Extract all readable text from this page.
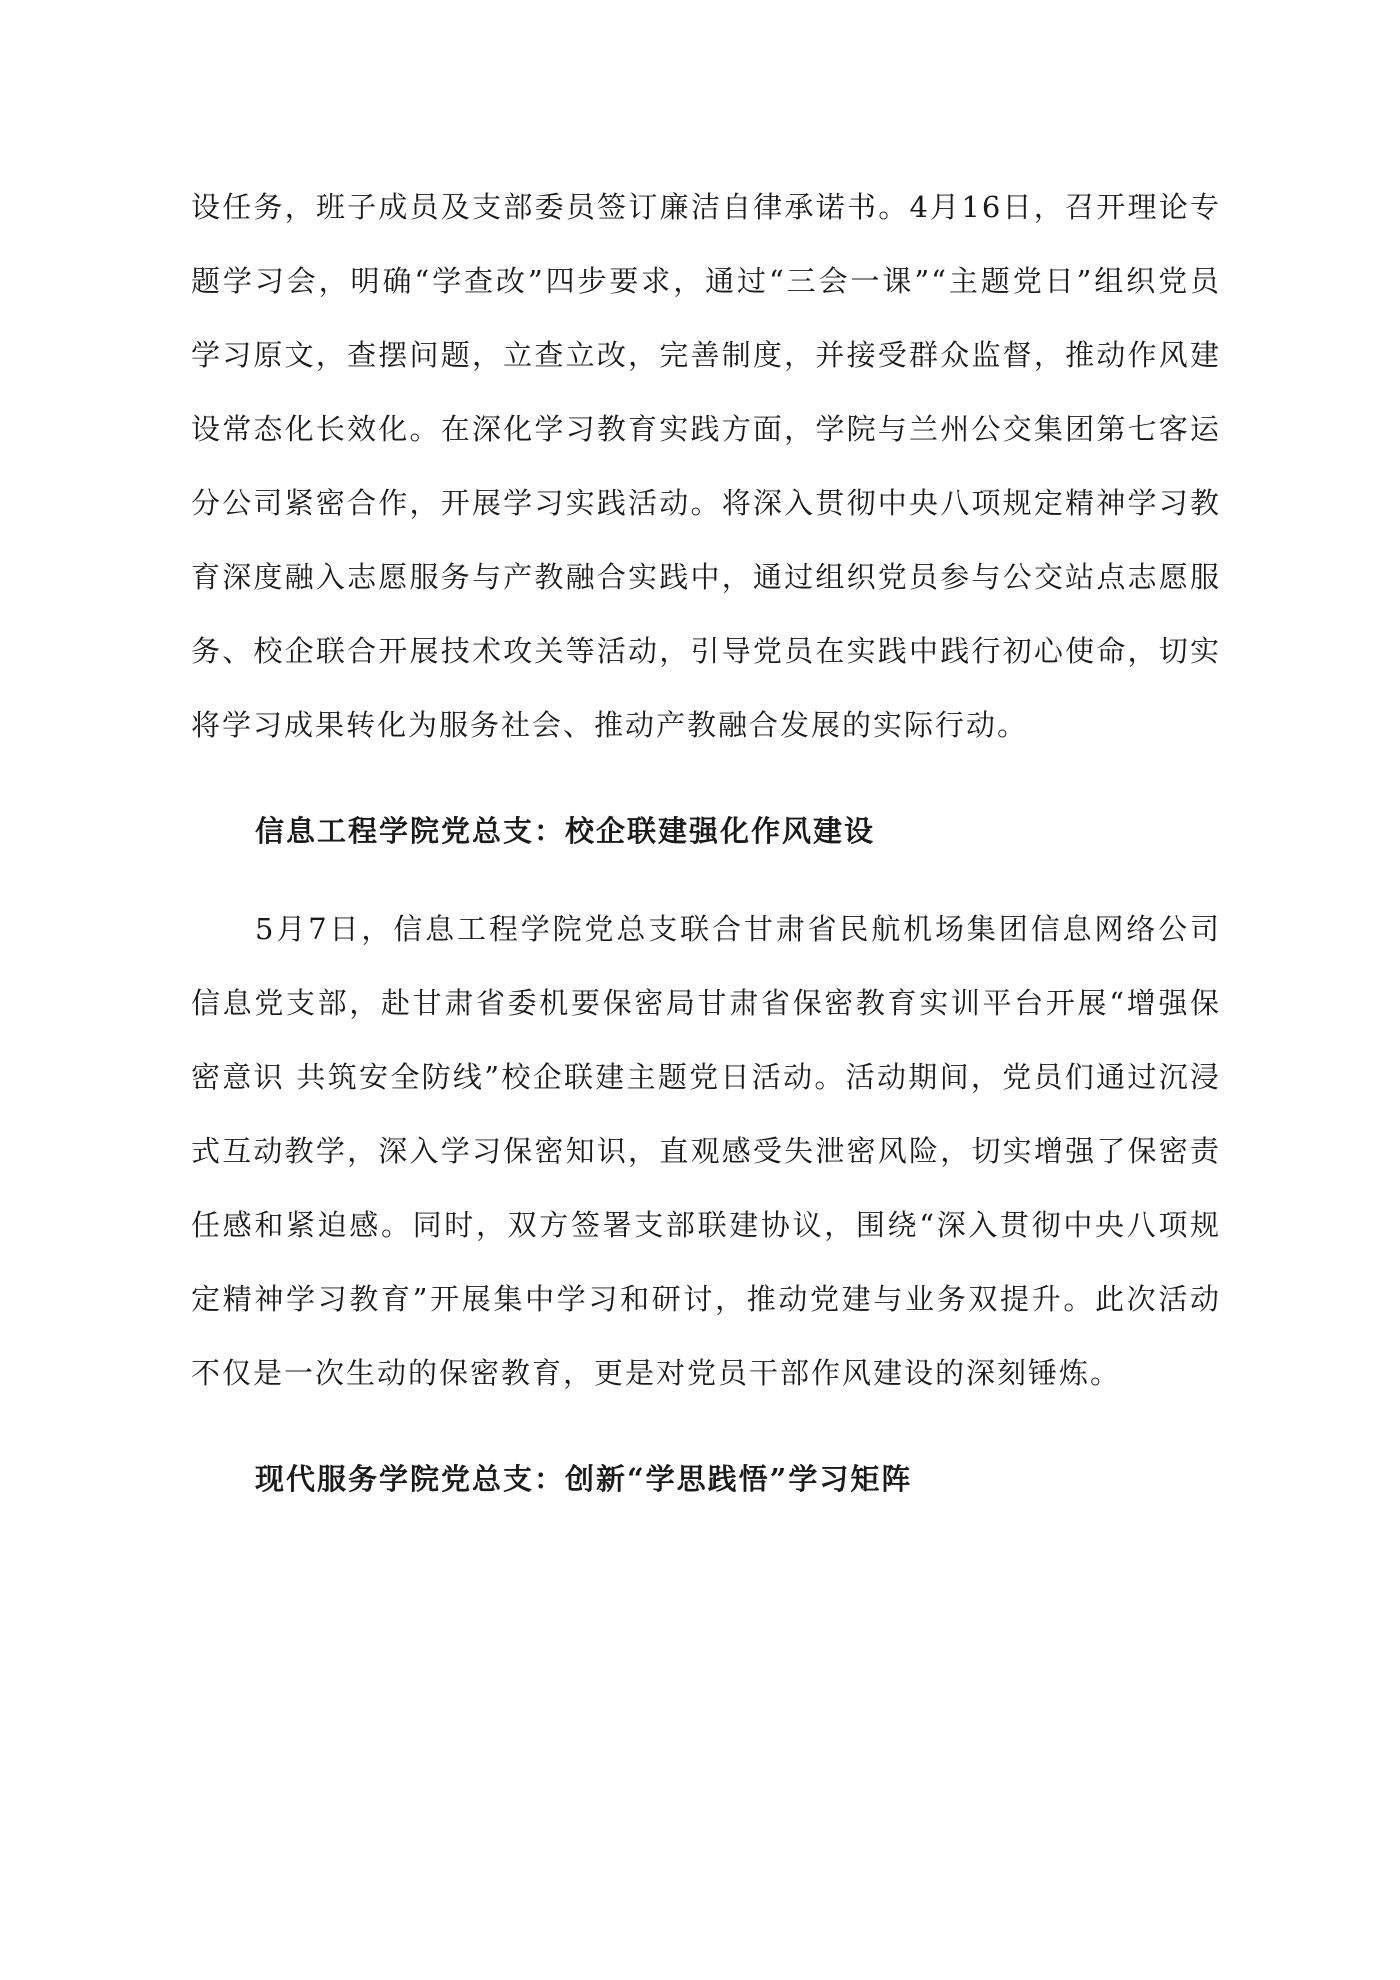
设任务，班子成员及支部委员签订廉洁自律承诺书。4月16日，召开理论专题学习会，明确“学查改”四步要求，通过“三会一课”“主题党日”组织党员学习原文，查摆问题，立查立改，完善制度，并接受群众监督，推动作风建设常态化长效化。在深化学习教育实践方面，学院与兰州公交集团第七客运分公司紧密合作，开展学习实践活动。将深入贯彻中央八项规定精神学习教育深度融入志愿服务与产教融合实践中，通过组织党员参与公交站点志愿服务、校企联合开展技术攻关等活动，引导党员在实践中践行初心使命，切实将学习成果转化为服务社会、推动产教融合发展的实际行动。

信息工程学院党总支：校企联建强化作风建设

5月7日，信息工程学院党总支联合甘肃省民航机场集团信息网络公司信息党支部，赴甘肃省委机要保密局甘肃省保密教育实训平台开展“增强保密意识 共筑安全防线”校企联建主题党日活动。活动期间，党员们通过沉浸式互动教学，深入学习保密知识，直观感受失泄密风险，切实增强了保密责任感和紧迫感。同时，双方签署支部联建协议，围绕“深入贯彻中央八项规定精神学习教育”开展集中学习和研讨，推动党建与业务双提升。此次活动不仅是一次生动的保密教育，更是对党员干部作风建设的深刻锤炼。

现代服务学院党总支：创新“学思践悟”学习矩阵
